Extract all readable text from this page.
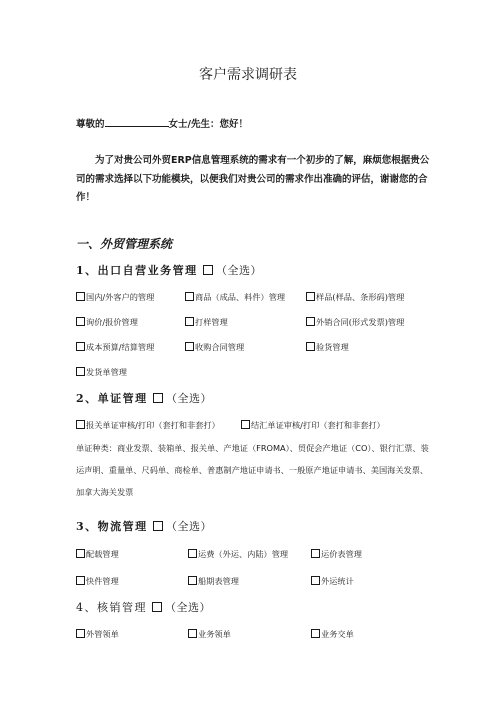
客户需求调研表
尊敬的	女士/先生：您好！
为了对贵公司外贸ERP信息管理系统的需求有一个初步的了解，麻烦您根据贵公司的需求选择以下功能模块，以便我们对贵公司的需求作出准确的评估，谢谢您的合作！
一、外贸管理系统
1、出口自营业务管理 （全选）
国内/外客户的管理	商品（成品、料件）管理	样品(样品、条形码)管理
询价/报价管理	打样管理	外销合同(形式发票)管理
成本预算/结算管理	收购合同管理	验货管理
发货单管理
2、单证管理 （全选）
报关单证审核/打印（套打和非套打）	结汇单证审核/打印（套打和非套打）
单证种类：商业发票、装箱单、报关单、产地证（FROMA）、贸促会产地证（CO）、银行汇票、装运声明、重量单、尺码单、商检单、普惠制产地证申请书、一般原产地证申请书、美国海关发票、加拿大海关发票
3、物流管理 （全选）
配载管理	运费（外运、内陆）管理	运价表管理
快件管理	船期表管理	外运统计
4、核销管理 （全选）
外管领单	业务领单	业务交单
